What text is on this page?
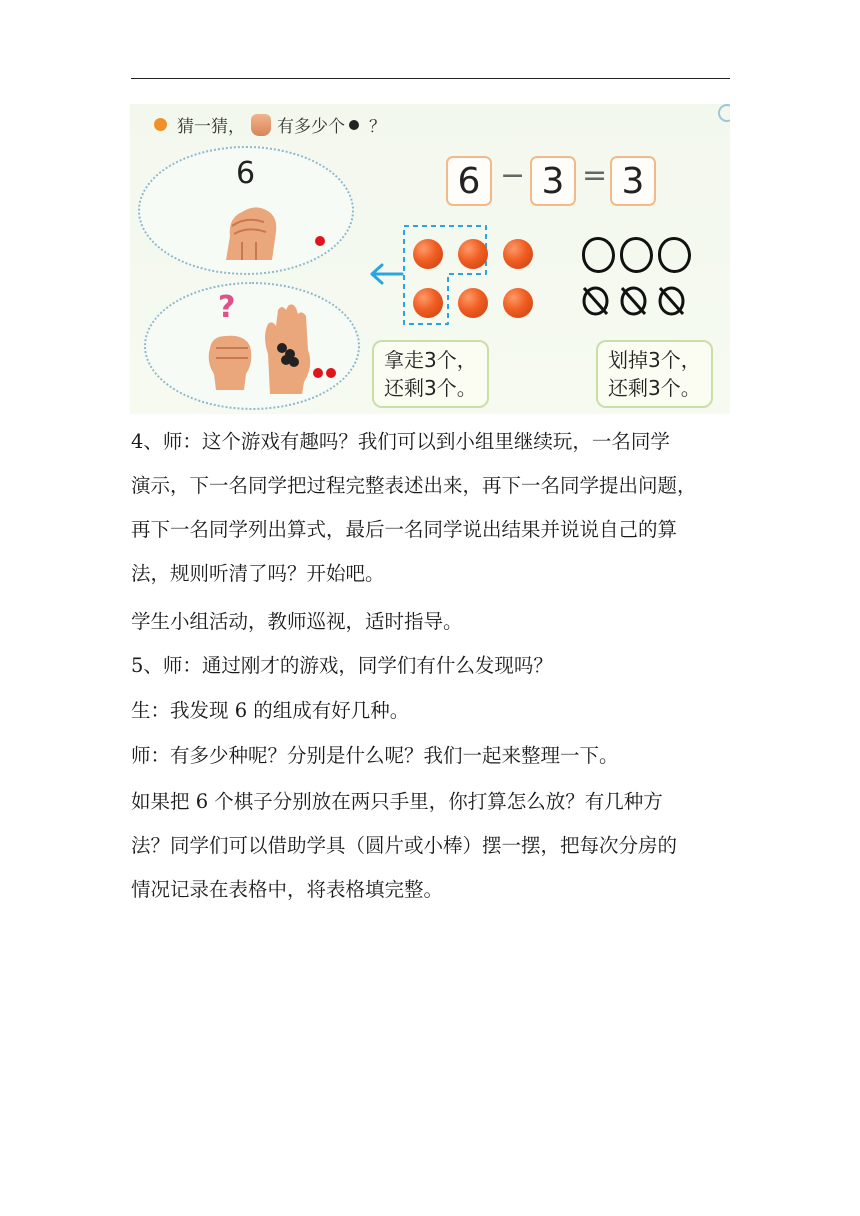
猜一猜， 有多少个 ？
6
?
6 − 3 = 3
拿走3个，
还剩3个。
划掉3个，
还剩3个。
4、师：这个游戏有趣吗？我们可以到小组里继续玩，一名同学
演示，下一名同学把过程完整表述出来，再下一名同学提出问题，
再下一名同学列出算式，最后一名同学说出结果并说说自己的算
法，规则听清了吗？开始吧。
学生小组活动，教师巡视，适时指导。
5、师：通过刚才的游戏，同学们有什么发现吗？
生：我发现 6 的组成有好几种。
师：有多少种呢？分别是什么呢？我们一起来整理一下。
如果把 6 个棋子分别放在两只手里，你打算怎么放？有几种方
法？同学们可以借助学具（圆片或小棒）摆一摆，把每次分房的
情况记录在表格中，将表格填完整。
